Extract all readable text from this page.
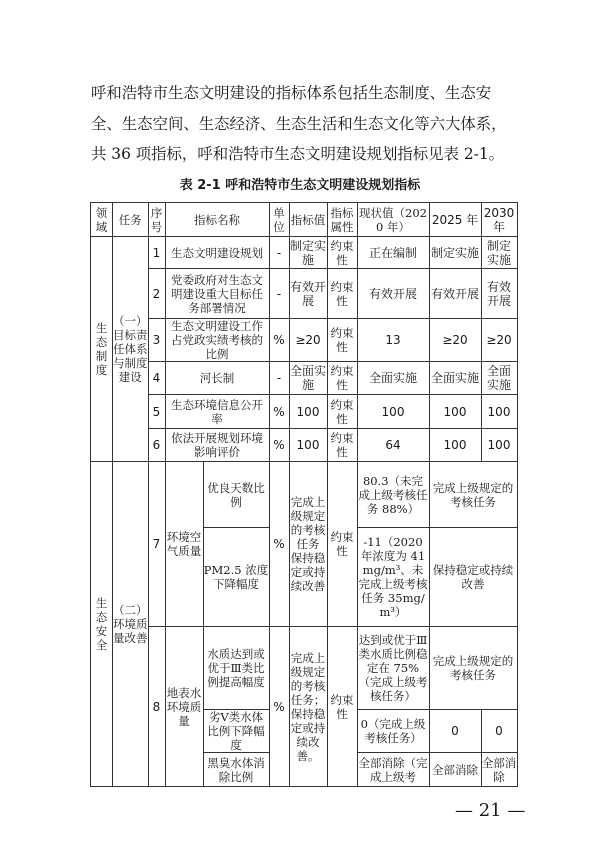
呼和浩特市生态文明建设的指标体系包括生态制度、生态安

全、生态空间、生态经济、生态生活和生态文化等六大体系，

共 36 项指标，呼和浩特市生态文明建设规划指标见表 2-1。

表 2-1 呼和浩特市生态文明建设规划指标
领域	任务	序号	指标名称		单位	指标值	指标属性	现状值（2020 年）	2025 年	2030 年
生态制度	（一）目标责任体系与制度建设	1	生态文明建设规划		-	制定实施	约束性	正在编制	制定实施	制定实施
		2	党委政府对生态文明建设重大目标任务部署情况		-	有效开展	约束性	有效开展	有效开展	有效开展
		3	生态文明建设工作占党政实绩考核的比例		%	≥20	约束性	13	≥20	≥20
		4	河长制		-	全面实施	约束性	全面实施	全面实施	全面实施
		5	生态环境信息公开率		%	100	约束性	100	100	100
		6	依法开展规划环境影响评价		%	100	约束性	64	100	100
生态安全	（二）环境质量改善	7	环境空气质量	优良天数比例	%	完成上级规定的考核任务 保持稳定或持续改善	约束性	80.3（未完成上级考核任务 88%）	完成上级规定的考核任务	
				PM2.5 浓度下降幅度				-11（2020 年浓度为 41mg/m³、未完成上级考核任务 35mg/m³）	保持稳定或持续改善	
		8	地表水环境质量	水质达到或优于Ⅲ类比例提高幅度	%	完成上级规定的考核任务；保持稳定或持续改善。	约束性	达到或优于Ⅲ类水质比例稳定在 75%（完成上级考核任务）	完成上级规定的考核任务	
				劣Ⅴ类水体比例下降幅度				0（完成上级考核任务）	0	0
				黑臭水体消除比例				全部消除（完成上级考	全部消除	全部消除
— 21 —
